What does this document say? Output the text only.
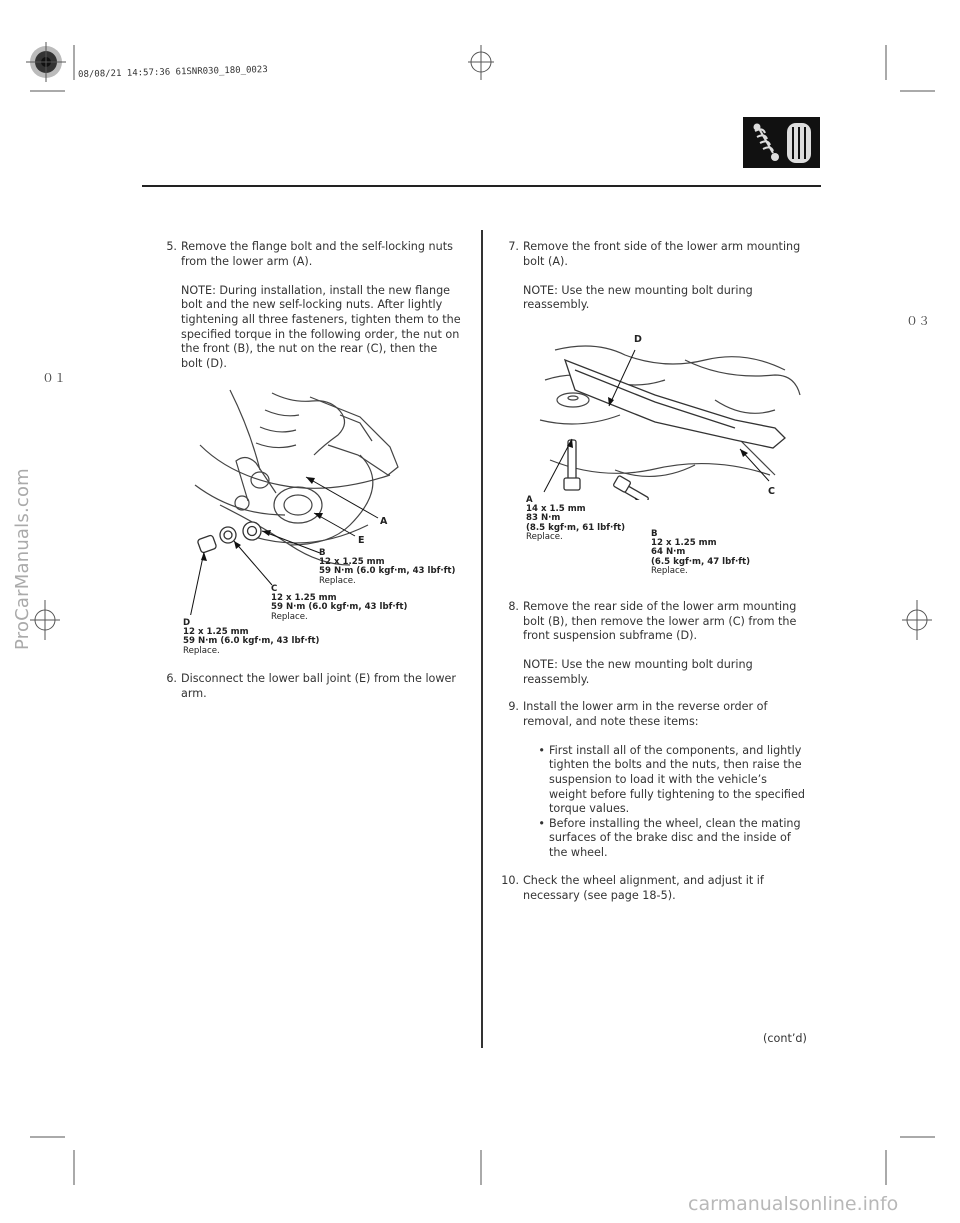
08/08/21 14:57:36 61SNR030_180_0023
０１
０３
ProCarManuals.com
carmanualsonline.info
5. Remove the flange bolt and the self-locking nuts from the lower arm (A).

NOTE: During installation, install the new flange bolt and the new self-locking nuts. After lightly tightening all three fasteners, tighten them to the specified torque in the following order, the nut on the front (B), the nut on the rear (C), then the bolt (D).

A
E
B
12 x 1.25 mm
59 N·m (6.0 kgf·m, 43 lbf·ft)
Replace.
C
12 x 1.25 mm
59 N·m (6.0 kgf·m, 43 lbf·ft)
Replace.
D
12 x 1.25 mm
59 N·m (6.0 kgf·m, 43 lbf·ft)
Replace.
6. Disconnect the lower ball joint (E) from the lower arm.

7. Remove the front side of the lower arm mounting bolt (A).

NOTE: Use the new mounting bolt during reassembly.

D
C
A
14 x 1.5 mm
83 N·m
(8.5 kgf·m, 61 lbf·ft)
Replace.	B
12 x 1.25 mm
64 N·m
(6.5 kgf·m, 47 lbf·ft)
Replace.
8. Remove the rear side of the lower arm mounting bolt (B), then remove the lower arm (C) from the front suspension subframe (D).

NOTE: Use the new mounting bolt during reassembly.

9. Install the lower arm in the reverse order of removal, and note these items:

• First install all of the components, and lightly tighten the bolts and the nuts, then raise the suspension to load it with the vehicle’s weight before fully tightening to the specified torque values.
• Before installing the wheel, clean the mating surfaces of the brake disc and the inside of the wheel.
10. Check the wheel alignment, and adjust it if necessary (see page 18-5).

(cont’d)
